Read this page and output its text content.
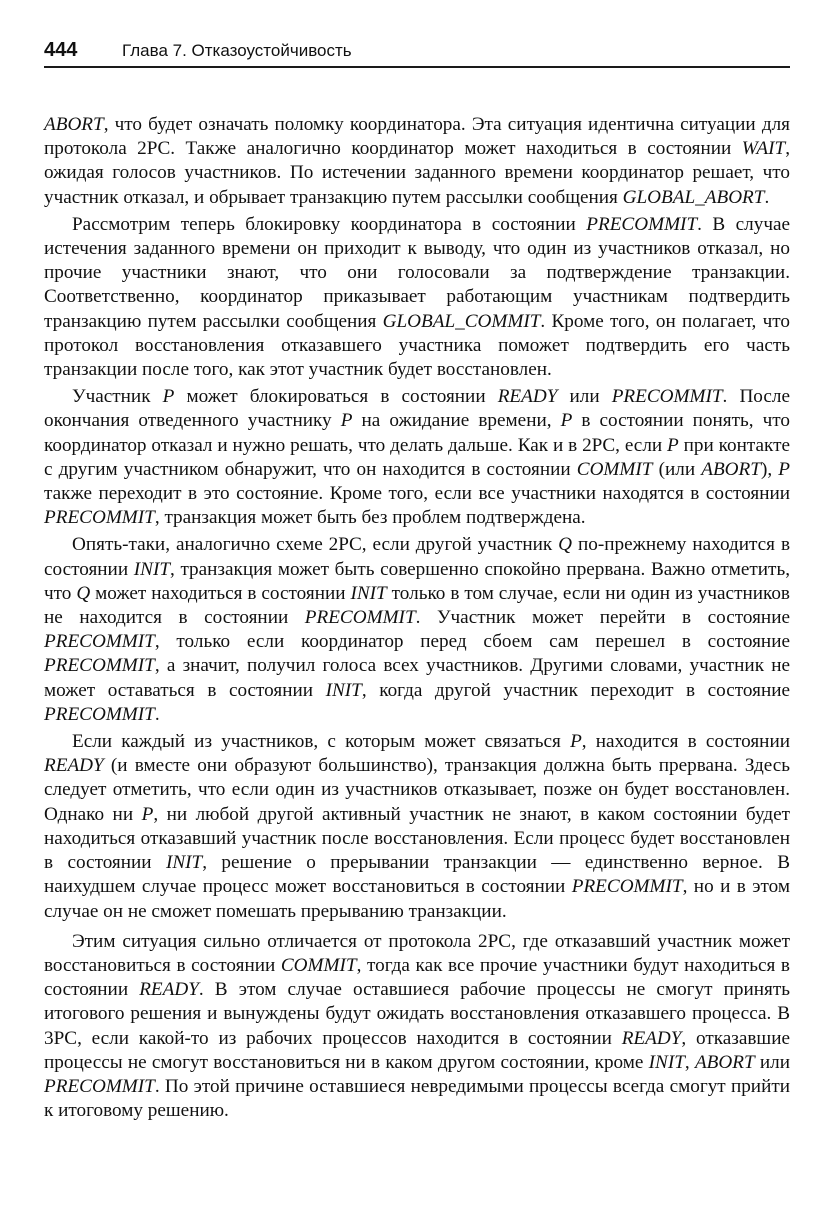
444	Глава 7. Отказоустойчивость

ABORT, что будет означать поломку координатора. Эта ситуация идентична ситуации для протокола 2PC. Также аналогично координатор может находиться в состоянии WAIT, ожидая голосов участников. По истечении заданного времени координатор решает, что участник отказал, и обрывает транзакцию путем рассылки сообщения GLOBAL_ABORT.

Рассмотрим теперь блокировку координатора в состоянии PRECOMMIT. В случае истечения заданного времени он приходит к выводу, что один из участников отказал, но прочие участники знают, что они голосовали за подтверждение транзакции. Соответственно, координатор приказывает работающим участникам подтвердить транзакцию путем рассылки сообщения GLOBAL_COMMIT. Кроме того, он полагает, что протокол восстановления отказавшего участника поможет подтвердить его часть транзакции после того, как этот участник будет восстановлен.

Участник P может блокироваться в состоянии READY или PRECOMMIT. После окончания отведенного участнику P на ожидание времени, P в состоянии понять, что координатор отказал и нужно решать, что делать дальше. Как и в 2PC, если P при контакте с другим участником обнаружит, что он находится в состоянии COMMIT (или ABORT), P также переходит в это состояние. Кроме того, если все участники находятся в состоянии PRECOMMIT, транзакция может быть без проблем подтверждена.

Опять-таки, аналогично схеме 2PC, если другой участник Q по-прежнему находится в состоянии INIT, транзакция может быть совершенно спокойно прервана. Важно отметить, что Q может находиться в состоянии INIT только в том случае, если ни один из участников не находится в состоянии PRECOMMIT. Участник может перейти в состояние PRECOMMIT, только если координатор перед сбоем сам перешел в состояние PRECOMMIT, а значит, получил голоса всех участников. Другими словами, участник не может оставаться в состоянии INIT, когда другой участник переходит в состояние PRECOMMIT.

Если каждый из участников, с которым может связаться P, находится в состоянии READY (и вместе они образуют большинство), транзакция должна быть прервана. Здесь следует отметить, что если один из участников отказывает, позже он будет восстановлен. Однако ни P, ни любой другой активный участник не знают, в каком состоянии будет находиться отказавший участник после восстановления. Если процесс будет восстановлен в состоянии INIT, решение о прерывании транзакции — единственно верное. В наихудшем случае процесс может восстановиться в состоянии PRECOMMIT, но и в этом случае он не сможет помешать прерыванию транзакции.

Этим ситуация сильно отличается от протокола 2PC, где отказавший участник может восстановиться в состоянии COMMIT, тогда как все прочие участники будут находиться в состоянии READY. В этом случае оставшиеся рабочие процессы не смогут принять итогового решения и вынуждены будут ожидать восстановления отказавшего процесса. В 3PC, если какой-то из рабочих процессов находится в состоянии READY, отказавшие процессы не смогут восстановиться ни в каком другом состоянии, кроме INIT, ABORT или PRECOMMIT. По этой причине оставшиеся невредимыми процессы всегда смогут прийти к итоговому решению.
